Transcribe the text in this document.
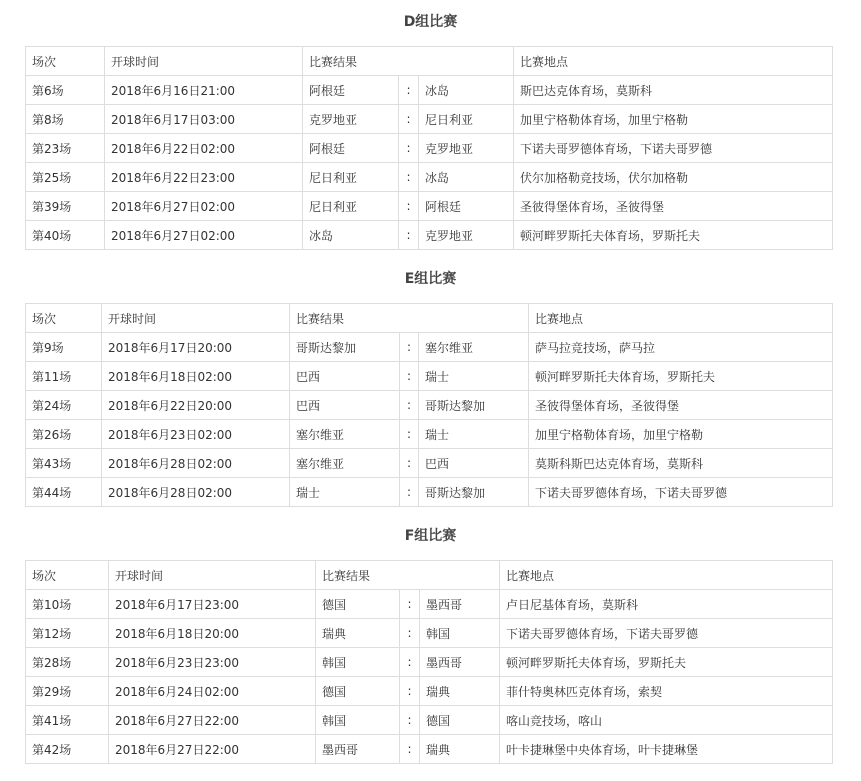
D组比赛
场次	开球时间	比赛结果			比赛地点
第6场	2018年6月16日21:00	阿根廷	:	冰岛	斯巴达克体育场，莫斯科
第8场	2018年6月17日03:00	克罗地亚	:	尼日利亚	加里宁格勒体育场，加里宁格勒
第23场	2018年6月22日02:00	阿根廷	:	克罗地亚	下诺夫哥罗德体育场，下诺夫哥罗德
第25场	2018年6月22日23:00	尼日利亚	:	冰岛	伏尔加格勒竞技场，伏尔加格勒
第39场	2018年6月27日02:00	尼日利亚	:	阿根廷	圣彼得堡体育场，圣彼得堡
第40场	2018年6月27日02:00	冰岛	:	克罗地亚	顿河畔罗斯托夫体育场，罗斯托夫
E组比赛
场次	开球时间	比赛结果			比赛地点
第9场	2018年6月17日20:00	哥斯达黎加	:	塞尔维亚	萨马拉竞技场，萨马拉
第11场	2018年6月18日02:00	巴西	:	瑞士	顿河畔罗斯托夫体育场，罗斯托夫
第24场	2018年6月22日20:00	巴西	:	哥斯达黎加	圣彼得堡体育场，圣彼得堡
第26场	2018年6月23日02:00	塞尔维亚	:	瑞士	加里宁格勒体育场，加里宁格勒
第43场	2018年6月28日02:00	塞尔维亚	:	巴西	莫斯科斯巴达克体育场，莫斯科
第44场	2018年6月28日02:00	瑞士	:	哥斯达黎加	下诺夫哥罗德体育场，下诺夫哥罗德
F组比赛
场次	开球时间	比赛结果			比赛地点
第10场	2018年6月17日23:00	德国	:	墨西哥	卢日尼基体育场，莫斯科
第12场	2018年6月18日20:00	瑞典	:	韩国	下诺夫哥罗德体育场，下诺夫哥罗德
第28场	2018年6月23日23:00	韩国	:	墨西哥	顿河畔罗斯托夫体育场，罗斯托夫
第29场	2018年6月24日02:00	德国	:	瑞典	菲什特奥林匹克体育场，索契
第41场	2018年6月27日22:00	韩国	:	德国	喀山竞技场，喀山
第42场	2018年6月27日22:00	墨西哥	:	瑞典	叶卡捷琳堡中央体育场，叶卡捷琳堡
